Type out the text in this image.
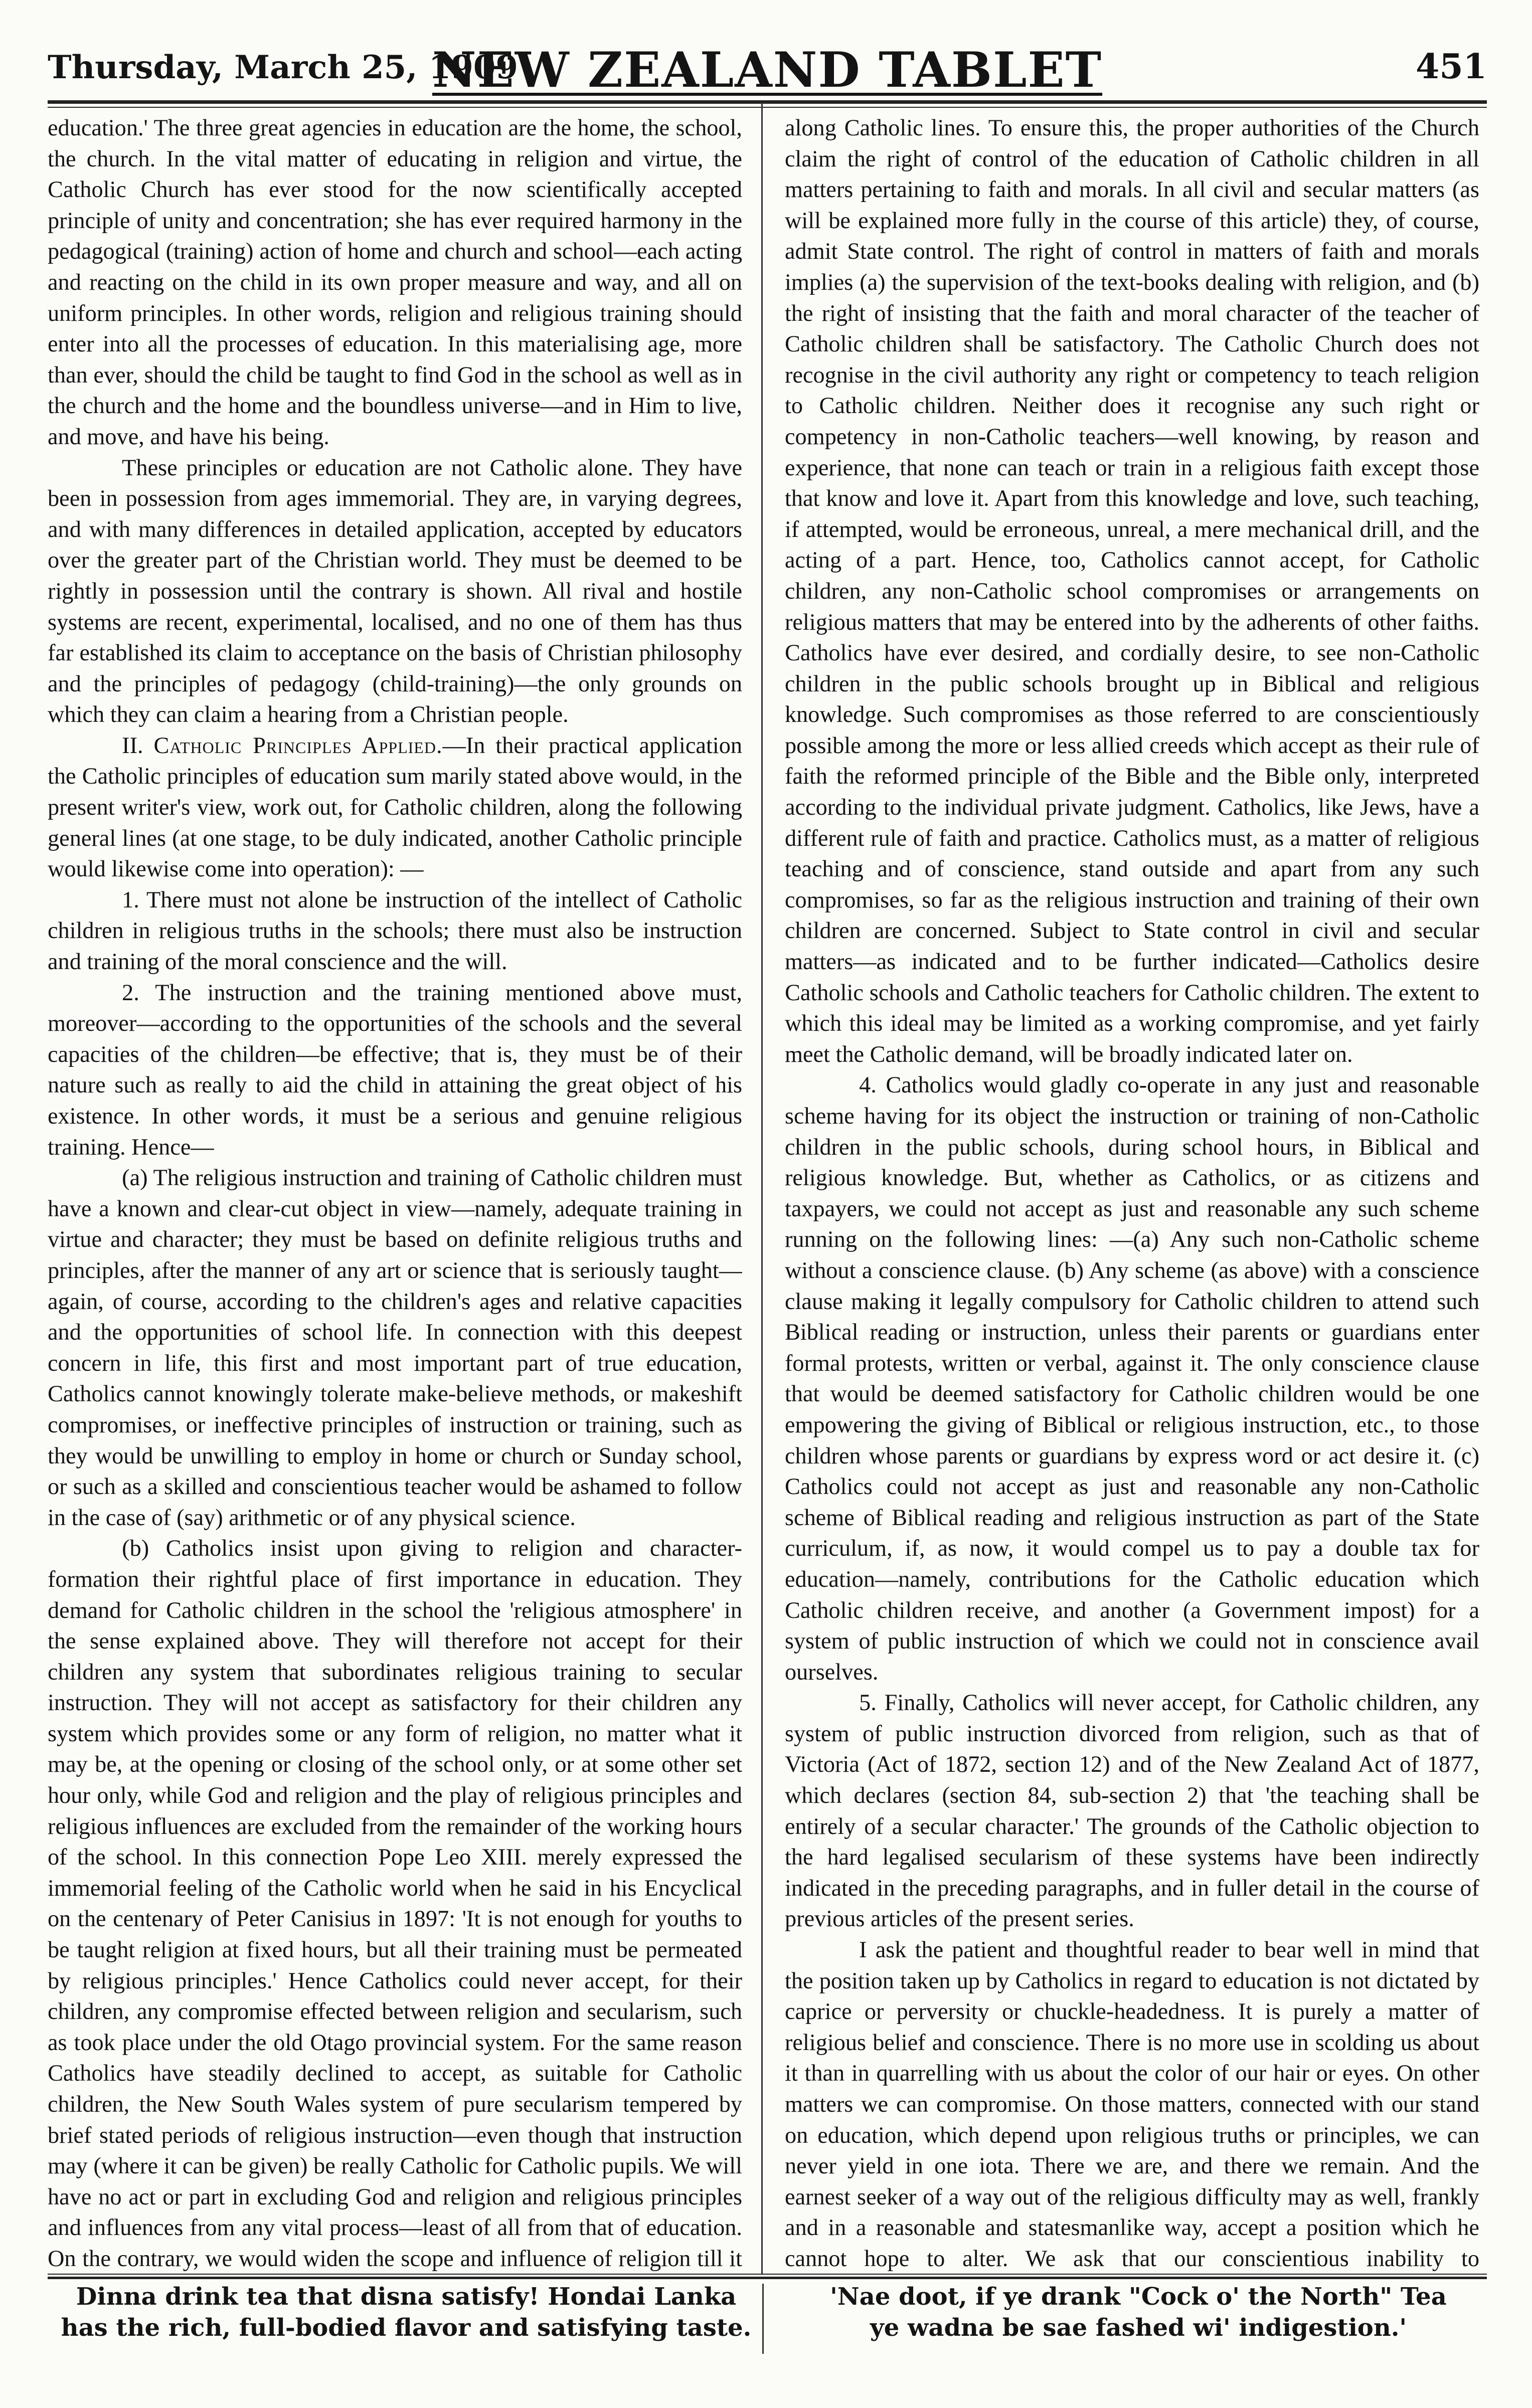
Thursday, March 25, 1909
NEW ZEALAND TABLET	451

education.' The three great agencies in education are the home, the school, the church. In the vital matter of educating in religion and virtue, the Catholic Church has ever stood for the now scientifically accepted principle of unity and concentration; she has ever required harmony in the pedagogical (training) action of home and church and school—each acting and reacting on the child in its own proper measure and way, and all on uniform principles. In other words, religion and religious training should enter into all the processes of education. In this materialising age, more than ever, should the child be taught to find God in the school as well as in the church and the home and the boundless universe—and in Him to live, and move, and have his being.

These principles or education are not Catholic alone. They have been in possession from ages immemorial. They are, in varying degrees, and with many differences in detailed application, accepted by educators over the greater part of the Christian world. They must be deemed to be rightly in possession until the contrary is shown. All rival and hostile systems are recent, experimental, localised, and no one of them has thus far established its claim to acceptance on the basis of Christian philosophy and the principles of pedagogy (child-training)—the only grounds on which they can claim a hearing from a Christian people.

II. Catholic Principles Applied.—In their practical application the Catholic principles of education sum marily stated above would, in the present writer's view, work out, for Catholic children, along the following general lines (at one stage, to be duly indicated, another Catholic principle would likewise come into operation): —

1. There must not alone be instruction of the intellect of Catholic children in religious truths in the schools; there must also be instruction and training of the moral conscience and the will.

2. The instruction and the training mentioned above must, moreover—according to the opportunities of the schools and the several capacities of the children—be effective; that is, they must be of their nature such as really to aid the child in attaining the great object of his existence. In other words, it must be a serious and genuine religious training. Hence—

(a) The religious instruction and training of Catholic children must have a known and clear-cut object in view—namely, adequate training in virtue and character; they must be based on definite religious truths and principles, after the manner of any art or science that is seriously taught—again, of course, according to the children's ages and relative capacities and the opportunities of school life. In connection with this deepest concern in life, this first and most important part of true education, Catholics cannot knowingly tolerate make-believe methods, or makeshift compromises, or ineffective principles of instruction or training, such as they would be unwilling to employ in home or church or Sunday school, or such as a skilled and conscientious teacher would be ashamed to follow in the case of (say) arithmetic or of any physical science.

(b) Catholics insist upon giving to religion and character-formation their rightful place of first importance in education. They demand for Catholic children in the school the 'religious atmosphere' in the sense explained above. They will therefore not accept for their children any system that subordinates religious training to secular instruction. They will not accept as satisfactory for their children any system which provides some or any form of religion, no matter what it may be, at the opening or closing of the school only, or at some other set hour only, while God and religion and the play of religious principles and religious influences are excluded from the remainder of the working hours of the school. In this connection Pope Leo XIII. merely expressed the immemorial feeling of the Catholic world when he said in his Encyclical on the centenary of Peter Canisius in 1897: 'It is not enough for youths to be taught religion at fixed hours, but all their training must be permeated by religious principles.' Hence Catholics could never accept, for their children, any compromise effected between religion and secularism, such as took place under the old Otago provincial system. For the same reason Catholics have steadily declined to accept, as suitable for Catholic children, the New South Wales system of pure secularism tempered by brief stated periods of religious instruction—even though that instruction may (where it can be given) be really Catholic for Catholic pupils. We will have no act or part in excluding God and religion and religious principles and influences from any vital process—least of all from that of education. On the contrary, we would widen the scope and influence of religion till it

along Catholic lines. To ensure this, the proper authorities of the Church claim the right of control of the education of Catholic children in all matters pertaining to faith and morals. In all civil and secular matters (as will be explained more fully in the course of this article) they, of course, admit State control. The right of control in matters of faith and morals implies (a) the supervision of the text-books dealing with religion, and (b) the right of insisting that the faith and moral character of the teacher of Catholic children shall be satisfactory. The Catholic Church does not recognise in the civil authority any right or competency to teach religion to Catholic children. Neither does it recognise any such right or competency in non-Catholic teachers—well knowing, by reason and experience, that none can teach or train in a religious faith except those that know and love it. Apart from this knowledge and love, such teaching, if attempted, would be erroneous, unreal, a mere mechanical drill, and the acting of a part. Hence, too, Catholics cannot accept, for Catholic children, any non-Catholic school compromises or arrangements on religious matters that may be entered into by the adherents of other faiths. Catholics have ever desired, and cordially desire, to see non-Catholic children in the public schools brought up in Biblical and religious knowledge. Such compromises as those referred to are conscientiously possible among the more or less allied creeds which accept as their rule of faith the reformed principle of the Bible and the Bible only, interpreted according to the individual private judgment. Catholics, like Jews, have a different rule of faith and practice. Catholics must, as a matter of religious teaching and of conscience, stand outside and apart from any such compromises, so far as the religious instruction and training of their own children are concerned. Subject to State control in civil and secular matters—as indicated and to be further indicated—Catholics desire Catholic schools and Catholic teachers for Catholic children. The extent to which this ideal may be limited as a working compromise, and yet fairly meet the Catholic demand, will be broadly indicated later on.

4. Catholics would gladly co-operate in any just and reasonable scheme having for its object the instruction or training of non-Catholic children in the public schools, during school hours, in Biblical and religious knowledge. But, whether as Catholics, or as citizens and taxpayers, we could not accept as just and reasonable any such scheme running on the following lines: —(a) Any such non-Catholic scheme without a conscience clause. (b) Any scheme (as above) with a conscience clause making it legally compulsory for Catholic children to attend such Biblical reading or instruction, unless their parents or guardians enter formal protests, written or verbal, against it. The only conscience clause that would be deemed satisfactory for Catholic children would be one empowering the giving of Biblical or religious instruction, etc., to those children whose parents or guardians by express word or act desire it. (c) Catholics could not accept as just and reasonable any non-Catholic scheme of Biblical reading and religious instruction as part of the State curriculum, if, as now, it would compel us to pay a double tax for education—namely, contributions for the Catholic education which Catholic children receive, and another (a Government impost) for a system of public instruction of which we could not in conscience avail ourselves.

5. Finally, Catholics will never accept, for Catholic children, any system of public instruction divorced from religion, such as that of Victoria (Act of 1872, section 12) and of the New Zealand Act of 1877, which declares (section 84, sub-section 2) that 'the teaching shall be entirely of a secular character.' The grounds of the Catholic objection to the hard legalised secularism of these systems have been indirectly indicated in the preceding paragraphs, and in fuller detail in the course of previous articles of the present series.

I ask the patient and thoughtful reader to bear well in mind that the position taken up by Catholics in regard to education is not dictated by caprice or perversity or chuckle-headedness. It is purely a matter of religious belief and conscience. There is no more use in scolding us about it than in quarrelling with us about the color of our hair or eyes. On other matters we can compromise. On those matters, connected with our stand on education, which depend upon religious truths or principles, we can never yield in one iota. There we are, and there we remain. And the earnest seeker of a way out of the religious difficulty may as well, frankly and in a reasonable and statesmanlike way, accept a position which he cannot hope to alter. We ask that our conscientious inability to

Dinna drink tea that disna satisfy! Hondai Lanka
has the rich, full-bodied flavor and satisfying taste.
'Nae doot, if ye drank "Cock o' the North" Tea
ye wadna be sae fashed wi' indigestion.'
